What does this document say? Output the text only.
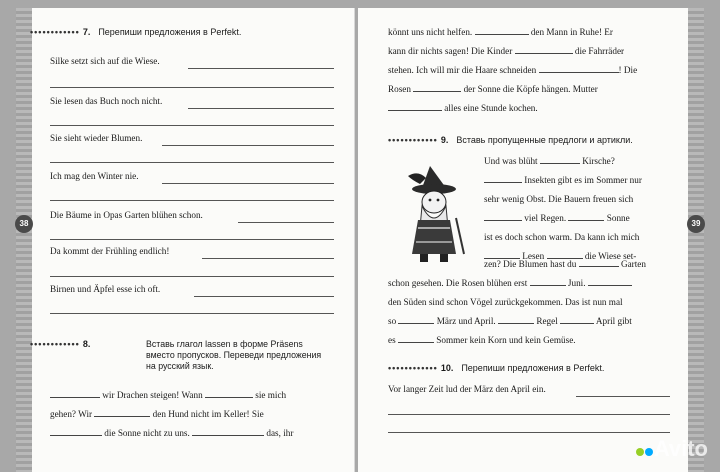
38
•••••••••••• 7. Перепиши предложения в Perfekt.
Silke setzt sich auf die Wiese.
Sie lesen das Buch noch nicht.
Sie sieht wieder Blumen.
Ich mag den Winter nie.
Die Bäume in Opas Garten blühen schon.
Da kommt der Frühling endlich!
Birnen und Äpfel esse ich oft.
•••••••••••• 8.	Вставь глагол lassen в форме Präsens
вместо пропусков. Переведи предложения
на русский язык.
wir Drachen steigen! Wann	sie mich
gehen? Wir	den Hund nicht im Keller! Sie
die Sonne nicht zu uns.	das, ihr
39
könnt uns nicht helfen.	den Mann in Ruhe! Er
kann dir nichts sagen! Die Kinder	die Fahrräder
stehen. Ich will mir die Haare schneiden	! Die
Rosen	der Sonne die Köpfe hängen. Mutter
alles eine Stunde kochen.
•••••••••••• 9. Вставь пропущенные предлоги и артикли.
Und was blüht	Kirsche?
Insekten gibt es im Sommer nur
sehr wenig Obst. Die Bauern freuen sich
viel Regen.	Sonne
ist es doch schon warm. Da kann ich mich
Lesen	die Wiese set-
zen? Die Blumen hast du	Garten
schon gesehen. Die Rosen blühen erst	Juni.
den Süden sind schon Vögel zurückgekommen. Das ist nun mal
so	März und April.	Regel	April gibt
es	Sommer kein Korn und kein Gemüse.
•••••••••••• 10. Перепиши предложения в Perfekt.
Vor langer Zeit lud der März den April ein.
Avito
